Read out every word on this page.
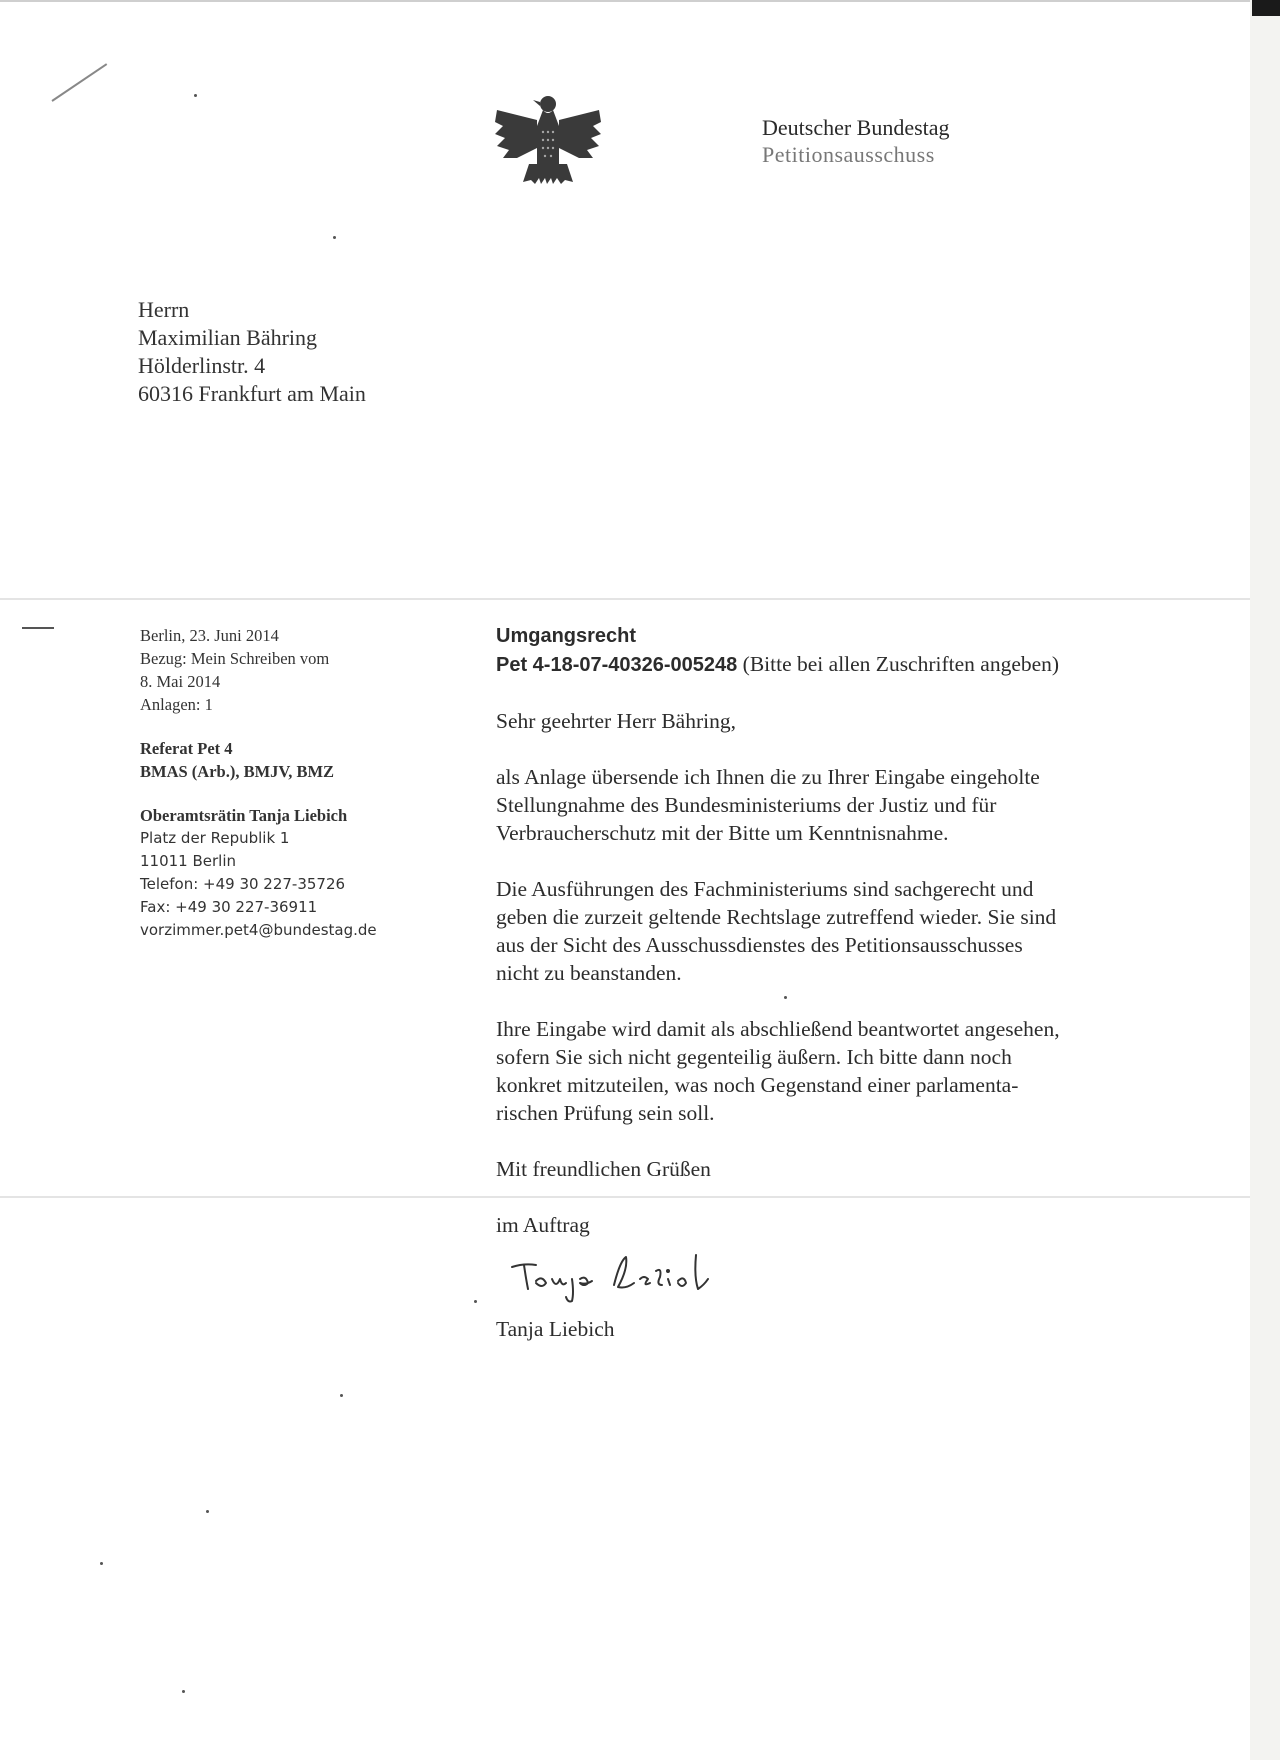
Deutscher Bundestag
Petitionsausschuss
Herrn
Maximilian Bähring
Hölderlinstr. 4
60316 Frankfurt am Main
Berlin, 23. Juni 2014
Bezug: Mein Schreiben vom
8. Mai 2014
Anlagen: 1
Referat Pet 4
BMAS (Arb.), BMJV, BMZ
Oberamtsrätin Tanja Liebich
Platz der Republik 1
11011 Berlin
Telefon: +49 30 227-35726
Fax: +49 30 227-36911
vorzimmer.pet4@bundestag.de

Umgangsrecht

Pet 4-18-07-40326-005248 (Bitte bei allen Zuschriften angeben)

Sehr geehrter Herr Bähring,

als Anlage übersende ich Ihnen die zu Ihrer Eingabe eingeholte
Stellungnahme des Bundesministeriums der Justiz und für
Verbraucherschutz mit der Bitte um Kenntnisnahme.

Die Ausführungen des Fachministeriums sind sachgerecht und
geben die zurzeit geltende Rechtslage zutreffend wieder. Sie sind
aus der Sicht des Ausschussdienstes des Petitionsausschusses
nicht zu beanstanden.

Ihre Eingabe wird damit als abschließend beantwortet angesehen,
sofern Sie sich nicht gegenteilig äußern. Ich bitte dann noch
konkret mitzuteilen, was noch Gegenstand einer parlamenta-
rischen Prüfung sein soll.

Mit freundlichen Grüßen

im Auftrag

Tanja Liebich
